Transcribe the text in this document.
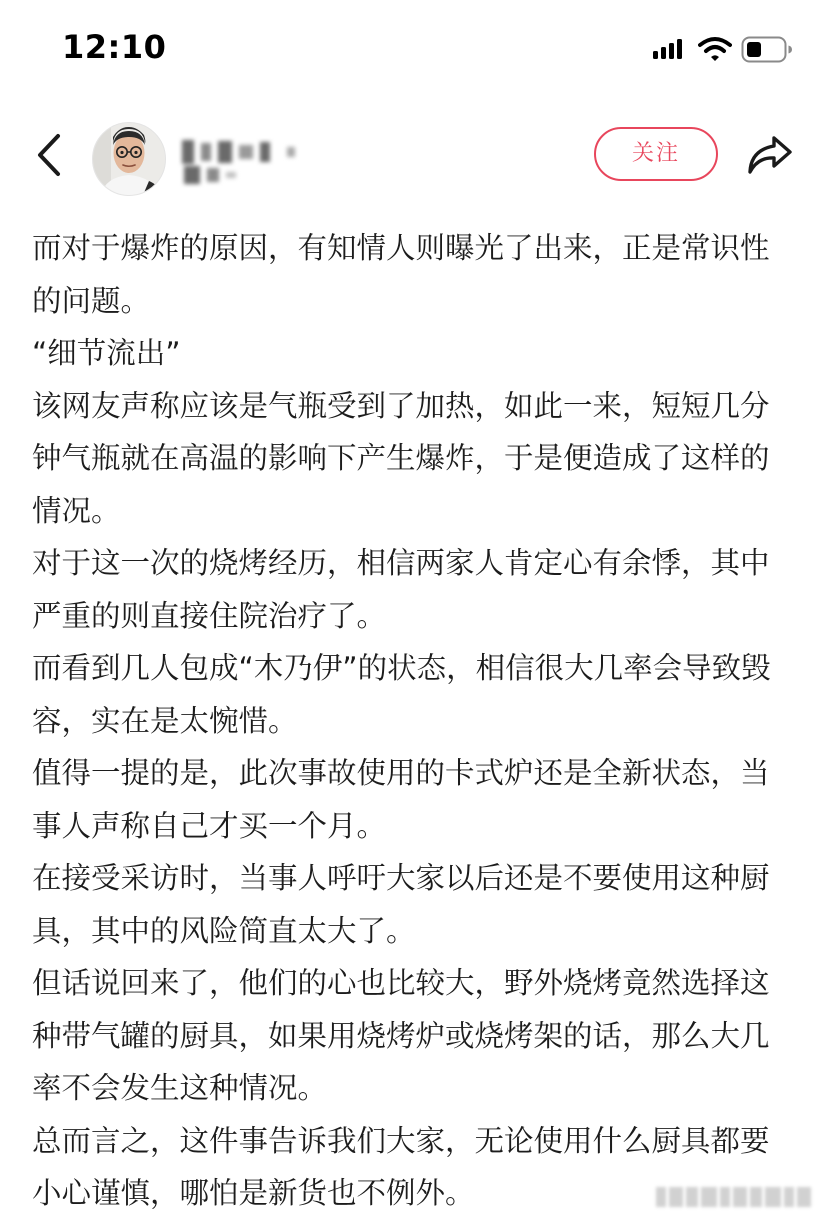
12:10

关注

而对于爆炸的原因，有知情人则曝光了出来，正是常识性的问题。

“细节流出”

该网友声称应该是气瓶受到了加热，如此一来，短短几分钟气瓶就在高温的影响下产生爆炸，于是便造成了这样的情况。

对于这一次的烧烤经历，相信两家人肯定心有余悸，其中严重的则直接住院治疗了。

而看到几人包成“木乃伊”的状态，相信很大几率会导致毁容，实在是太惋惜。

值得一提的是，此次事故使用的卡式炉还是全新状态，当事人声称自己才买一个月。

在接受采访时，当事人呼吁大家以后还是不要使用这种厨具，其中的风险简直太大了。

但话说回来了，他们的心也比较大，野外烧烤竟然选择这种带气罐的厨具，如果用烧烤炉或烧烤架的话，那么大几率不会发生这种情况。

总而言之，这件事告诉我们大家，无论使用什么厨具都要小心谨慎，哪怕是新货也不例外。
